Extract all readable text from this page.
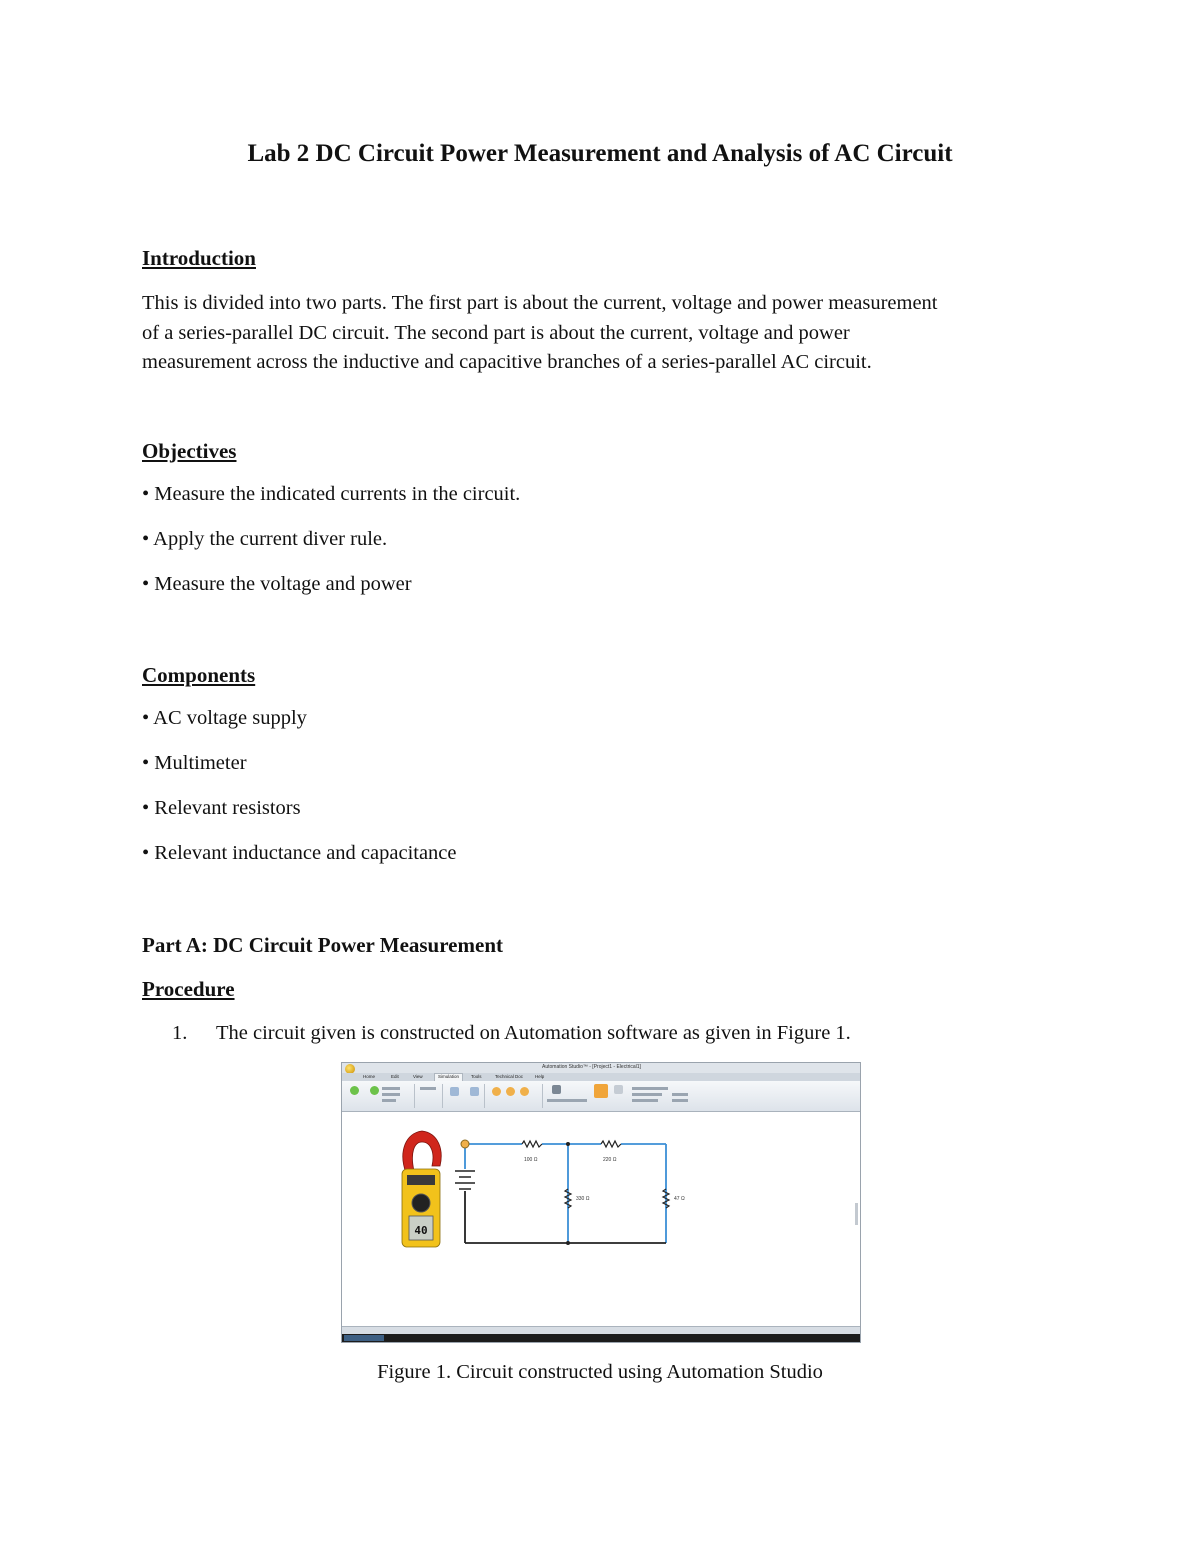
Lab 2 DC Circuit Power Measurement and Analysis of AC Circuit
Introduction
This is divided into two parts. The first part is about the current, voltage and power measurement
of a series-parallel DC circuit. The second part is about the current, voltage and power
measurement across the inductive and capacitive branches of a series-parallel AC circuit.
Objectives
• Measure the indicated currents in the circuit.
• Apply the current diver rule.
• Measure the voltage and power
Components
• AC voltage supply
• Multimeter
• Relevant resistors
• Relevant inductance and capacitance
Part A: DC Circuit Power Measurement
Procedure
1. The circuit given is constructed on Automation software as given in Figure 1.
Automation Studio™ - [Project1 - Electrical1]
Home	Edit	View	Simulation	Tools	Technical Doc	Help
100 Ω	220 Ω
330 Ω	47 Ω
40
Figure 1. Circuit constructed using Automation Studio
